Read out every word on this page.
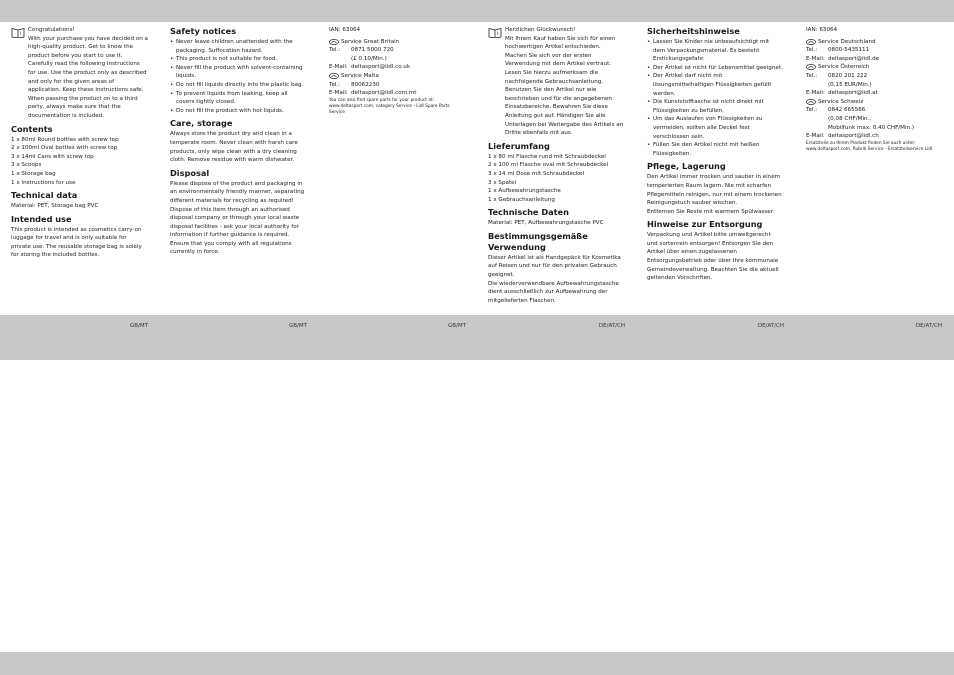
i

Congratulations!
With your purchase you have decided on a high-quality product. Get to know the product before you start to use it. Carefully read the following Instructions for use. Use the product only as described and only for the given areas of application. Keep these instructions safe. When passing the product on to a third party, always make sure that the documentation is included.

Contents

1 x 80ml Round bottles with screw top

2 x 100ml Oval bottles with screw top

3 x 14ml Cans with screw top

3 x Scoops

1 x Storage bag

1 x Instructions for use

Technical data

Material: PET, Storage bag PVC

Intended use

This product is intended as cosmetics carry-on luggage for travel and is only suitable for private use. The reusable storage bag is solely for storing the included bottles.

Safety notices
• Never leave children unattended with the packaging. Suffocation hazard.
• This product is not suitable for food.
• Never fill the product with solvent-containing liquids.
• Do not fill liquids directly into the plastic bag.
• To prevent liquids from leaking, keep all covers tightly closed.
• Do not fill the product with hot liquids.
Care, storage

Always store the product dry and clean in a temperate room. Never clean with harsh care products, only wipe clean with a dry cleaning cloth. Remove residue with warm dishwater.

Disposal

Please dispose of the product and packaging in an environmentally friendly manner, separating different materials for recycling as required! Dispose of this item through an authorised disposal company or through your local waste disposal facilities - ask your local authority for information if further guidance is required. Ensure that you comply with all regulations currently in force.

IAN: 63064

Service Great Britain

Tel.:	0871 5000 720
(£ 0.10/Min.)
E-Mail: deltasport@lidl.co.uk

Service Malta

Tel.:	80062230
E-Mail: deltasport@lidl.com.mt

You can also find spare parts for your product at: www.deltasport.com, category Service - Lidl Spare Parts Service

i

Herzlichen Glückwunsch!
Mit Ihrem Kauf haben Sie sich für einen hochwertigen Artikel entschieden. Machen Sie sich vor der ersten Verwendung mit dem Artikel vertraut. Lesen Sie hierzu aufmerksam die nachfolgende Gebrauchsanleitung. Benutzen Sie den Artikel nur wie beschrieben und für die angegebenen Einsatzbereiche. Bewahren Sie diese Anleitung gut auf. Händigen Sie alle Unterlagen bei Weitergabe des Artikels an Dritte ebenfalls mit aus.

Lieferumfang

1 x 80 ml Flasche rund mit Schraubdeckel

2 x 100 ml Flasche oval mit Schraubdeckel

3 x 14 ml Dose mit Schraubdeckel

3 x Spatel

1 x Aufbewahrungstasche

1 x Gebrauchsanleitung

Technische Daten

Material: PET, Aufbewahrungstasche PVC

Bestimmungsgemäße Verwendung

Dieser Artikel ist als Handgepäck für Kosmetika auf Reisen und nur für den privaten Gebrauch geeignet.
Die wiederverwendbare Aufbewahrungstasche dient ausschließlich zur Aufbewahrung der mitgelieferten Flaschen.

Sicherheitshinweise
• Lassen Sie Kinder nie unbeaufsichtigt mit dem Verpackungsmaterial. Es besteht Erstickungsgefahr.
• Der Artikel ist nicht für Lebensmittel geeignet.
• Der Artikel darf nicht mit lösungsmittelhaltigen Flüssigkeiten gefüllt werden.
• Die Kunststofftasche ist nicht direkt mit Flüssigkeiten zu befüllen.
• Um das Auslaufen von Flüssigkeiten zu vermeiden, sollten alle Deckel fest verschlossen sein.
• Füllen Sie den Artikel nicht mit heißen Flüssigkeiten.
Pflege, Lagerung

Den Artikel immer trocken und sauber in einem temperierten Raum lagern. Nie mit scharfen Pflegemitteln reinigen, nur mit einem trockenen Reinigungstuch sauber wischen.
Entfernen Sie Reste mit warmem Spülwasser.

Hinweise zur Entsorgung

Verpackung und Artikel bitte umweltgerecht und sortenrein entsorgen! Entsorgen Sie den Artikel über einen zugelassenen Entsorgungsbetrieb oder über Ihre kommunale Gemeindeverwaltung. Beachten Sie die aktuell geltenden Vorschriften.

IAN: 63064

Service Deutschland

Tel.:	0800-5435111
E-Mail: deltasport@lidl.de

Service Österreich

Tel.:	0820 201 222
(0,15 EUR/Min.)
E-Mail: deltasport@lidl.at

Service Schweiz

Tel.:	0842 665566
(0,08 CHF/Min.,
Mobilfunk max. 0,40 CHF/Min.)
E-Mail: deltasport@lidl.ch

Ersatzteile zu Ihrem Produkt finden Sie auch unter: www.deltasport.com, Rubrik Service - Ersatzteilservice Lidl

GB/MT	GB/MT	GB/MT	DE/AT/CH	DE/AT/CH	DE/AT/CH
